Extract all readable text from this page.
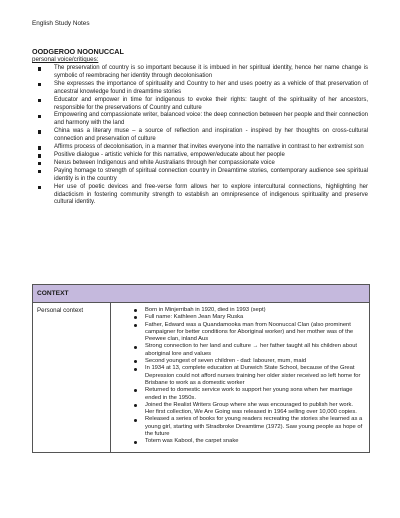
English Study Notes
OODGEROO NOONUCCAL
personal voice/critiques:
The preservation of country is so important because it is imbued in her spiritual identity, hence her name change is symbolic of reembracing her identity through decolonisation
She expresses the importance of spirituality and Country to her and uses poetry as a vehicle of that preservation of ancestral knowledge found in dreamtime stories
Educator and empower in time for indigenous to evoke their rights: taught of the spirituality of her ancestors, responsible for the preservations of Country and culture
Empowering and compassionate writer, balanced voice: the deep connection between her people and their connection and harmony with the land
China was a literary muse – a source of reflection and inspiration - inspired by her thoughts on cross-cultural connection and preservation of culture
Affirms process of decolonisation, in a manner that invites everyone into the narrative in contrast to her extremist son
Positive dialogue - artistic vehicle for this narrative, empower/educate about her people
Nexus between Indigenous and white Australians through her compassionate voice
Paying homage to strength of spiritual connection country in Dreamtime stories, contemporary audience see spiritual identity is in the country
Her use of poetic devices and free-verse form allows her to explore intercultural connections, highlighting her didacticism in fostering community strength to establish an omnipresence of indigenous spirituality and preserve cultural identity.
CONTEXT
Personal context	Born in Minjerribah in 1920, died in 1993 (sept)
Full name: Kathleen Jean Mary Ruska
Father, Edward was a Quandamooka man from Noonuccal Clan (also prominent campaigner for better conditions for Aboriginal worker) and her mother was of the Peewee clan, inland Aus
Strong connection to her land and culture → her father taught all his children about aboriginal lore and values
Second youngest of seven children - dad: labourer, mum, maid
In 1934 at 13, complete education at Dunwich State School, because of the Great Depression could not afford nurses training her older sister received so left home for Brisbane to work as a domestic worker
Returned to domestic service work to support her young sons when her marriage ended in the 1950s.
Joined the Realist Writers Group where she was encouraged to publish her work. Her first collection, We Are Going was released in 1964 selling over 10,000 copies.
Released a series of books for young readers recreating the stories she learned as a young girl, starting with Stradbroke Dreamtime (1972). Saw young people as hope of the future
Totem was Kabool, the carpet snake
